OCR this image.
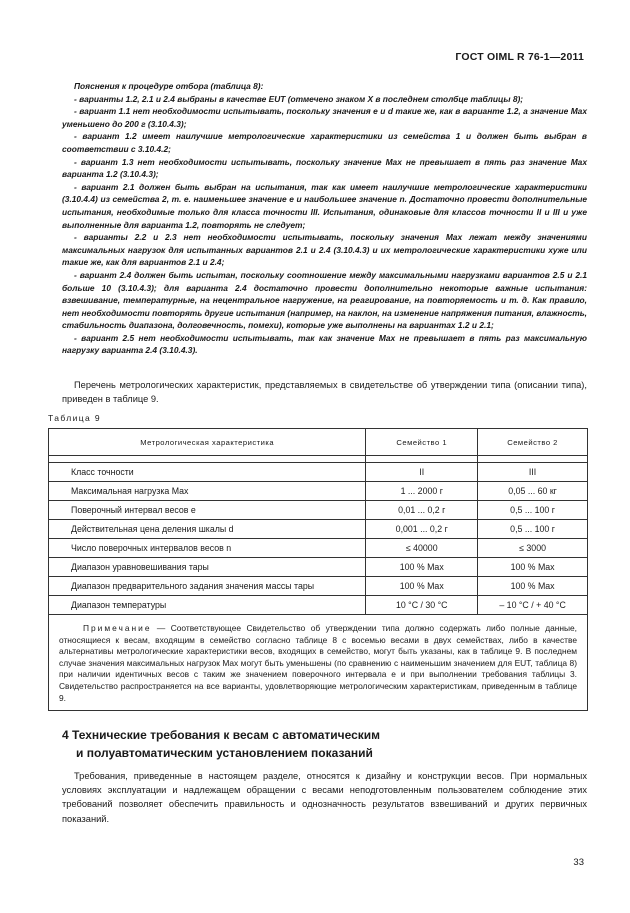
ГОСТ OIML R 76-1—2011

Пояснения к процедуре отбора (таблица 8):

- варианты 1.2, 2.1 и 2.4 выбраны в качестве EUT (отмечено знаком X в последнем столбце таблицы 8);

- вариант 1.1 нет необходимости испытывать, поскольку значения e и d такие же, как в варианте 1.2, а значение Max уменьшено до 200 г (3.10.4.3);

- вариант 1.2 имеет наилучшие метрологические характеристики из семейства 1 и должен быть выбран в соответствии с 3.10.4.2;

- вариант 1.3 нет необходимости испытывать, поскольку значение Max не превышает в пять раз значение Max варианта 1.2 (3.10.4.3);

- вариант 2.1 должен быть выбран на испытания, так как имеет наилучшие метрологические характеристики (3.10.4.4) из семейства 2, т. е. наименьшее значение e и наибольшее значение n. Достаточно провести дополнительные испытания, необходимые только для класса точности III. Испытания, одинаковые для классов точности II и III и уже выполненные для варианта 1.2, повторять не следует;

- варианты 2.2 и 2.3 нет необходимости испытывать, поскольку значения Max лежат между значениями максимальных нагрузок для испытанных вариантов 2.1 и 2.4 (3.10.4.3) и их метрологические характеристики хуже или такие же, как для вариантов 2.1 и 2.4;

- вариант 2.4 должен быть испытан, поскольку соотношение между максимальными нагрузками вариантов 2.5 и 2.1 больше 10 (3.10.4.3); для варианта 2.4 достаточно провести дополнительно некоторые важные испытания: взвешивание, температурные, на нецентральное нагружение, на реагирование, на повторяемость и т. д. Как правило, нет необходимости повторять другие испытания (например, на наклон, на изменение напряжения питания, влажность, стабильность диапазона, долговечность, помехи), которые уже выполнены на вариантах 1.2 и 2.1;

- вариант 2.5 нет необходимости испытывать, так как значение Max не превышает в пять раз максимальную нагрузку варианта 2.4 (3.10.4.3).

Перечень метрологических характеристик, представляемых в свидетельстве об утверждении типа (описании типа), приведен в таблице 9.
Таблица 9
Метрологическая характеристика	Семейство 1	Семейство 2

Класс точности	II	III
Максимальная нагрузка Max	1 ... 2000 г	0,05 ... 60 кг
Поверочный интервал весов e	0,01 ... 0,2 г	0,5 ... 100 г
Действительная цена деления шкалы d	0,001 ... 0,2 г	0,5 ... 100 г
Число поверочных интервалов весов n	≤ 40000	≤ 3000
Диапазон уравновешивания тары	100 % Max	100 % Max
Диапазон предварительного задания значения массы тары	100 % Max	100 % Max
Диапазон температуры	10 °C / 30 °C	– 10 °C / + 40 °C
Примечание — Соответствующее Свидетельство об утверждении типа должно содержать либо полные данные, относящиеся к весам, входящим в семейство согласно таблице 8 с восемью весами в двух семействах, либо в качестве альтернативы метрологические характеристики весов, входящих в семейство, могут быть указаны, как в таблице 9. В последнем случае значения максимальных нагрузок Max могут быть уменьшены (по сравнению с наименьшим значением для EUT, таблица 8) при наличии идентичных весов с таким же значением поверочного интервала e и при выполнении требования таблицы 3. Свидетельство распространяется на все варианты, удовлетворяющие метрологическим характеристикам, приведенным в таблице 9.		
4 Технические требования к весам с автоматическим
и полуавтоматическим установлением показаний
Требования, приведенные в настоящем разделе, относятся к дизайну и конструкции весов. При нормальных условиях эксплуатации и надлежащем обращении с весами неподготовленным пользователем соблюдение этих требований позволяет обеспечить правильность и однозначность результатов взвешиваний и других первичных показаний.
33
